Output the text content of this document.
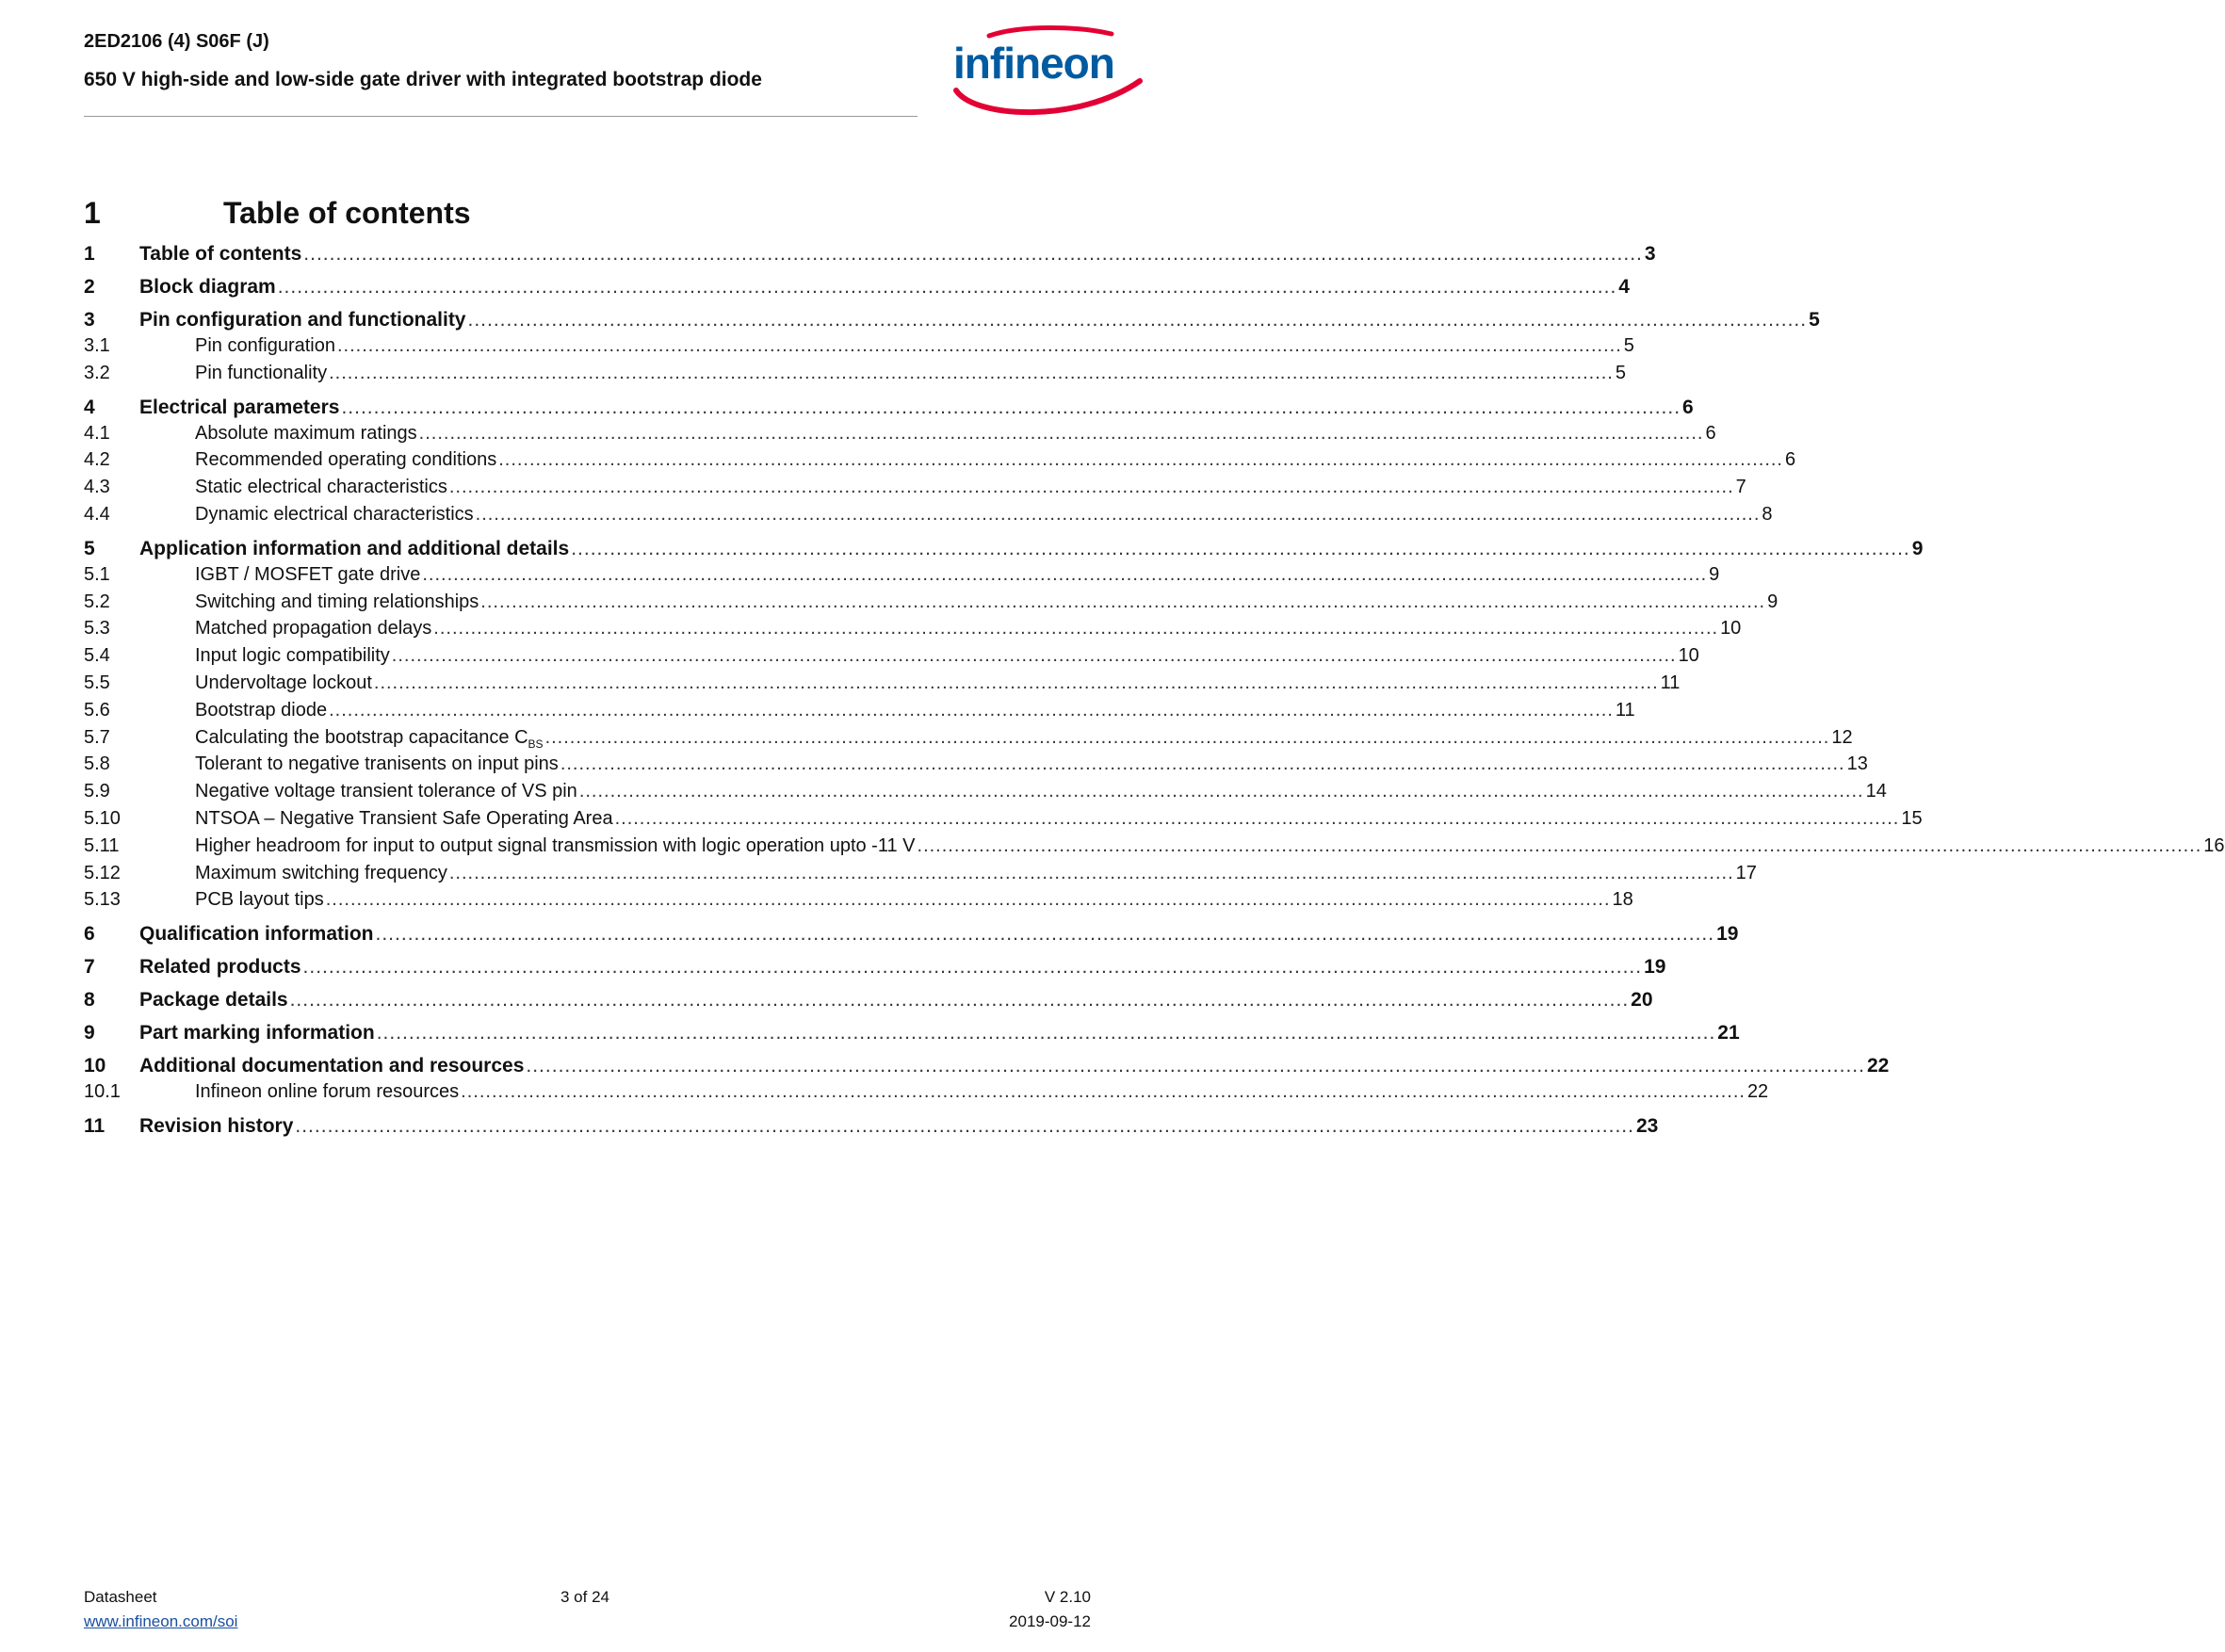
2ED2106 (4) S06F (J)
650 V high-side and low-side gate driver with integrated bootstrap diode	infineon
1	Table of contents
1	Table of contents .....	3
2	Block diagram .....	4
3	Pin configuration and functionality .....	5
3.1	Pin configuration .....	5
3.2	Pin functionality .....	5
4	Electrical parameters .....	6
4.1	Absolute maximum ratings .....	6
4.2	Recommended operating conditions .....	6
4.3	Static electrical characteristics .....	7
4.4	Dynamic electrical characteristics .....	8
5	Application information and additional details .....	9
5.1	IGBT / MOSFET gate drive .....	9
5.2	Switching and timing relationships .....	9
5.3	Matched propagation delays .....	10
5.4	Input logic compatibility .....	10
5.5	Undervoltage lockout .....	11
5.6	Bootstrap diode .....	11
5.7	Calculating the bootstrap capacitance $C_{BS}$ .....	12
5.8	Tolerant to negative tranisents on input pins .....	13
5.9	Negative voltage transient tolerance of VS pin .....	14
5.10	NTSOA – Negative Transient Safe Operating Area .....	15
5.11	Higher headroom for input to output signal transmission with logic operation upto -11 V .....	16
5.12	Maximum switching frequency .....	17
5.13	PCB layout tips .....	18
6	Qualification information .....	19
7	Related products .....	19
8	Package details .....	20
9	Part marking information .....	21
10	Additional documentation and resources .....	22
10.1	Infineon online forum resources .....	22
11	Revision history .....	23
Datasheet
www.infineon.com/soi
3 of 24	V 2.10
2019-09-12
